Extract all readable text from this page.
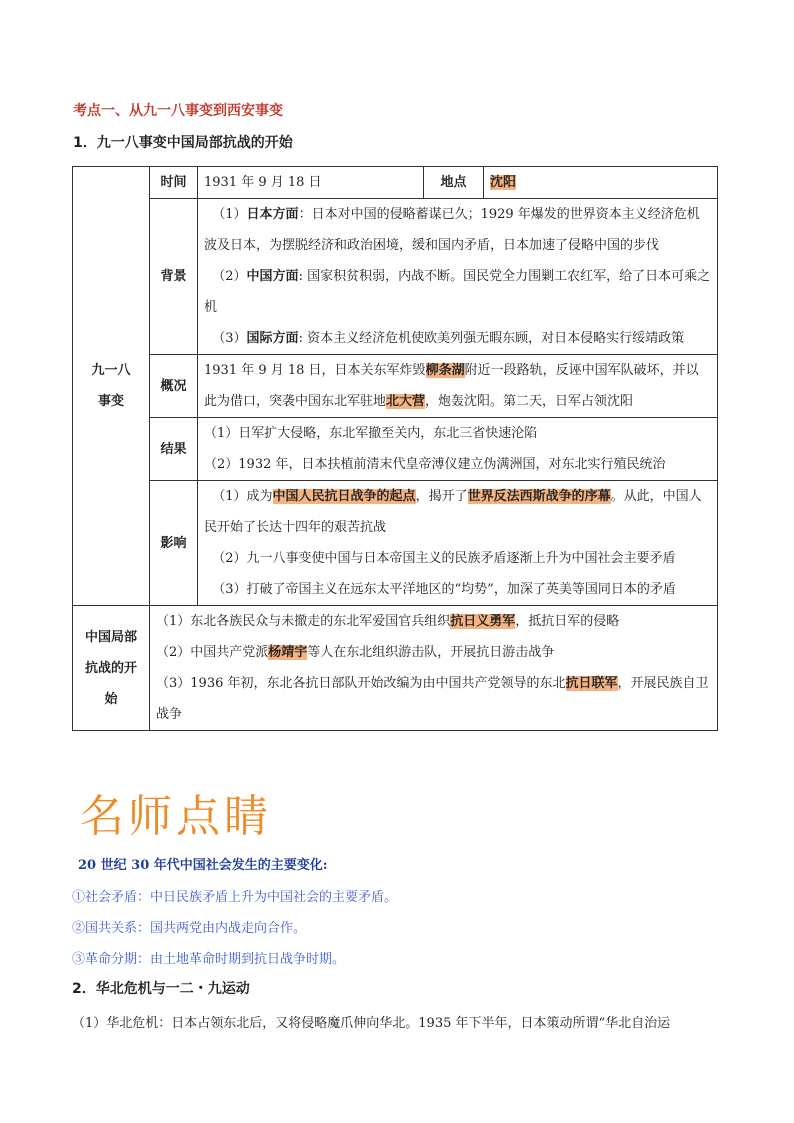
考点一、从九一八事变到西安事变
1．九一八事变中国局部抗战的开始
九一八事变	时间	1931 年 9 月 18 日	地点	沈阳
	背景	（1）日本方面：日本对中国的侵略蓄谋已久；1929 年爆发的世界资本主义经济危机波及日本，为摆脱经济和政治困境，缓和国内矛盾，日本加速了侵略中国的步伐
（2）中国方面: 国家积贫积弱，内战不断。国民党全力围剿工农红军，给了日本可乘之机
（3）国际方面: 资本主义经济危机使欧美列强无暇东顾，对日本侵略实行绥靖政策		

	概况	1931 年 9 月 18 日，日本关东军炸毁柳条湖附近一段路轨，反诬中国军队破坏，并以此为借口，突袭中国东北军驻地北大营，炮轰沈阳。第二天，日军占领沈阳		
	结果	（1）日军扩大侵略，东北军撤至关内，东北三省快速沦陷
（2）1932 年，日本扶植前清末代皇帝溥仪建立伪满洲国，对东北实行殖民统治		

	影响	（1）成为中国人民抗日战争的起点，揭开了世界反法西斯战争的序幕。从此，中国人民开始了长达十四年的艰苦抗战
（2）九一八事变使中国与日本帝国主义的民族矛盾逐渐上升为中国社会主要矛盾
（3）打破了帝国主义在远东太平洋地区的“均势”，加深了英美等国同日本的矛盾		

中国局部抗战的开始	（1）东北各族民众与未撤走的东北军爱国官兵组织抗日义勇军，抵抗日军的侵略
（2）中国共产党派杨靖宇等人在东北组织游击队，开展抗日游击战争
（3）1936 年初，东北各抗日部队开始改编为由中国共产党领导的东北抗日联军，开展民族自卫战争			
名师点睛
20 世纪 30 年代中国社会发生的主要变化:
①社会矛盾：中日民族矛盾上升为中国社会的主要矛盾。
②国共关系：国共两党由内战走向合作。
③革命分期：由土地革命时期到抗日战争时期。
2．华北危机与一二・九运动
（1）华北危机：日本占领东北后，又将侵略魔爪伸向华北。1935 年下半年，日本策动所谓“华北自治运
